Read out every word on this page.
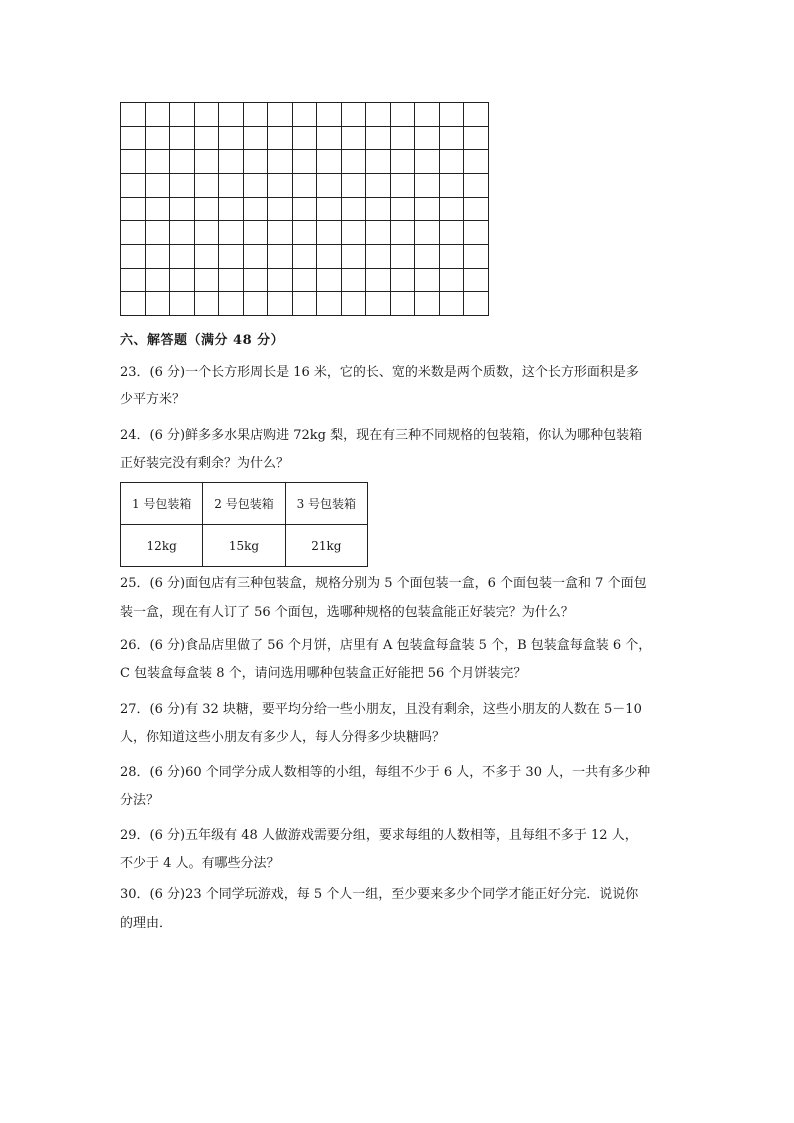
六、解答题（满分 48 分）
23．(6 分)一个长方形周长是 16 米，它的长、宽的米数是两个质数，这个长方形面积是多
少平方米？
24．(6 分)鲜多多水果店购进 72kg 梨，现在有三种不同规格的包装箱，你认为哪种包装箱
正好装完没有剩余？为什么？
1 号包装箱	2 号包装箱	3 号包装箱
12kg	15kg	21kg
25．(6 分)面包店有三种包装盒，规格分别为 5 个面包装一盒，6 个面包装一盒和 7 个面包
装一盒，现在有人订了 56 个面包，选哪种规格的包装盒能正好装完？为什么？
26．(6 分)食品店里做了 56 个月饼，店里有 A 包装盒每盒装 5 个，B 包装盒每盒装 6 个，
C 包装盒每盒装 8 个，请问选用哪种包装盒正好能把 56 个月饼装完？
27．(6 分)有 32 块糖，要平均分给一些小朋友，且没有剩余，这些小朋友的人数在 5－10
人，你知道这些小朋友有多少人，每人分得多少块糖吗？
28．(6 分)60 个同学分成人数相等的小组，每组不少于 6 人，不多于 30 人，一共有多少种
分法？
29．(6 分)五年级有 48 人做游戏需要分组，要求每组的人数相等，且每组不多于 12 人，
不少于 4 人。有哪些分法？
30．(6 分)23 个同学玩游戏，每 5 个人一组，至少要来多少个同学才能正好分完．说说你
的理由．
